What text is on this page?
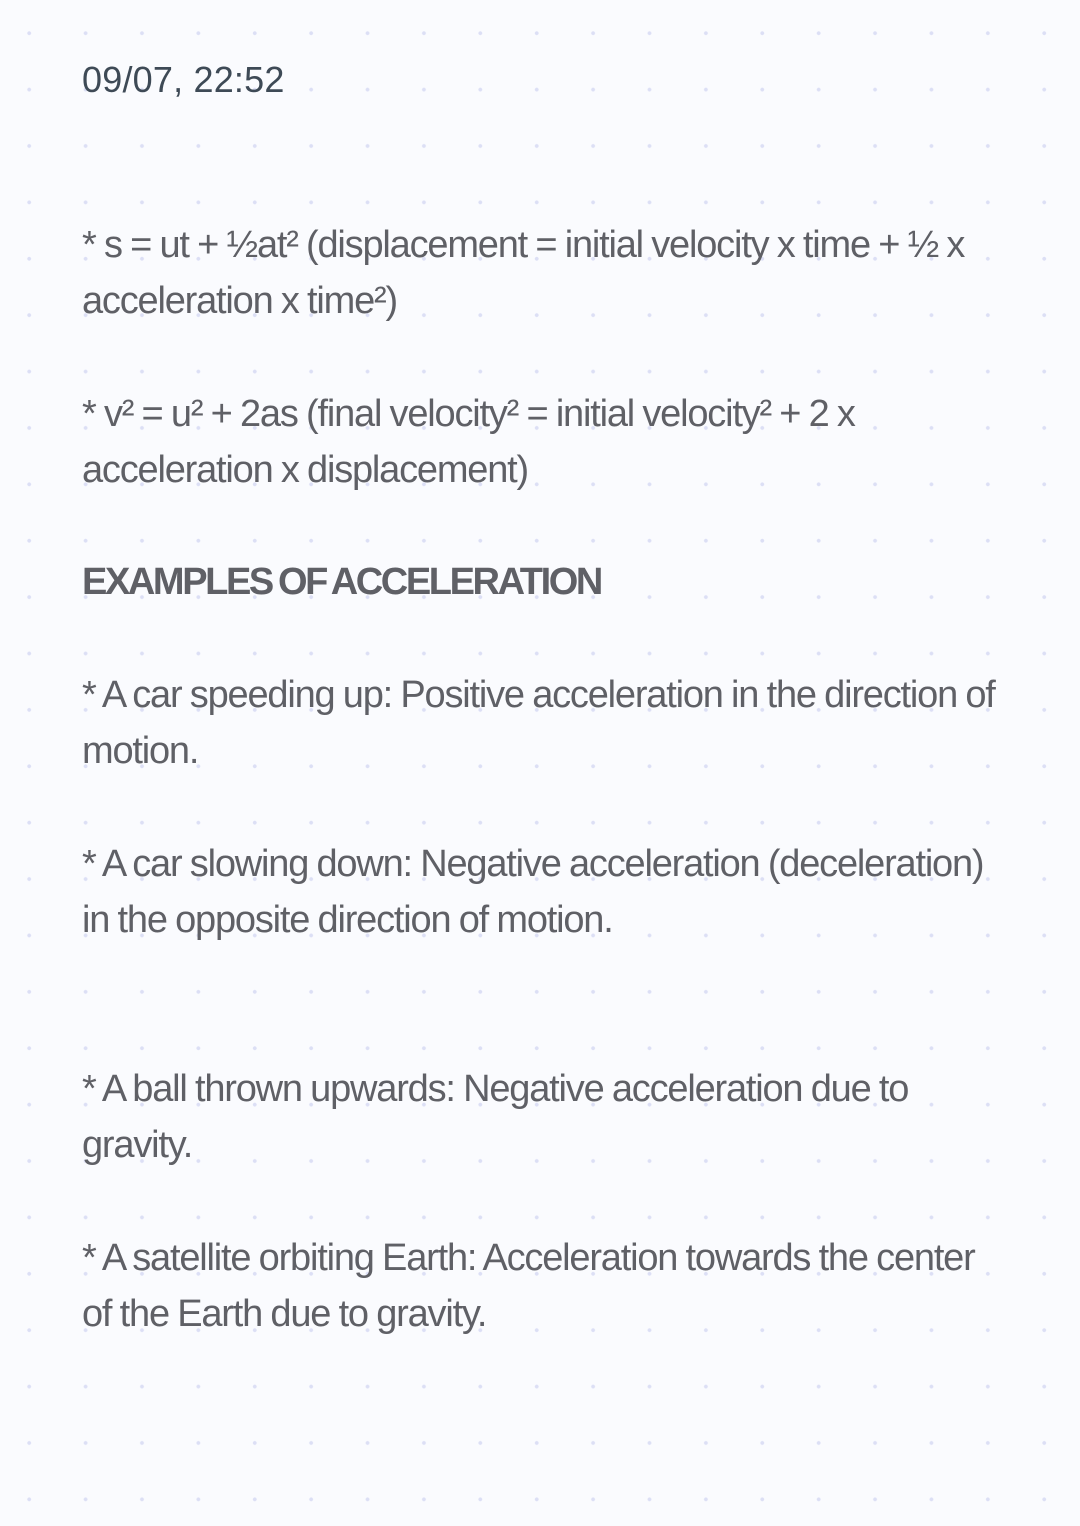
09/07, 22:52
* s = ut + ½at² (displacement = initial velocity x time + ½ x acceleration x time²)
* v² = u² + 2as (final velocity² = initial velocity² + 2 x acceleration x displacement)
EXAMPLES OF ACCELERATION
* A car speeding up: Positive acceleration in the direction of motion.
* A car slowing down: Negative acceleration (deceleration) in the opposite direction of motion.
* A ball thrown upwards: Negative acceleration due to gravity.
* A satellite orbiting Earth: Acceleration towards the center of the Earth due to gravity.
